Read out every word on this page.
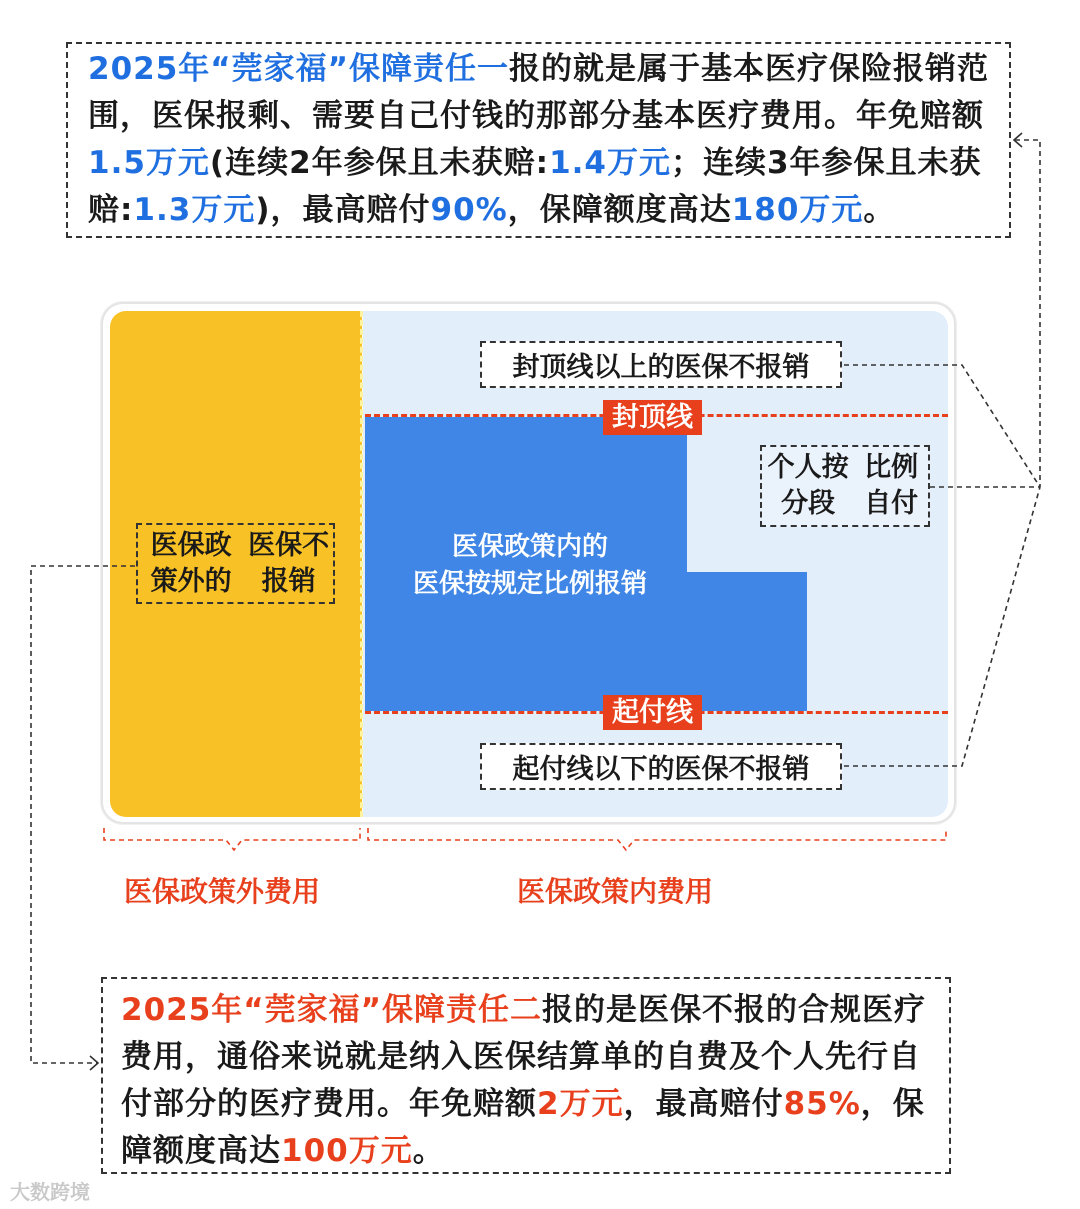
2025年“莞家福”保障责任一报的就是属于基本医疗保险报销范围，医保报剩、需要自己付钱的那部分基本医疗费用。年免赔额1.5万元(连续2年参保且未获赔:1.4万元；连续3年参保且未获赔:1.3万元)，最高赔付90%，保障额度高达180万元。
医保政策内的
医保按规定比例报销
封顶线
起付线
封顶线以上的医保不报销
起付线以下的医保不报销
个人按分段
比例自付
医保政策外的
医保不报销
医保政策外费用	医保政策内费用
2025年“莞家福”保障责任二报的是医保不报的合规医疗费用，通俗来说就是纳入医保结算单的自费及个人先行自付部分的医疗费用。年免赔额2万元，最高赔付85%，保障额度高达100万元。
大数跨境
